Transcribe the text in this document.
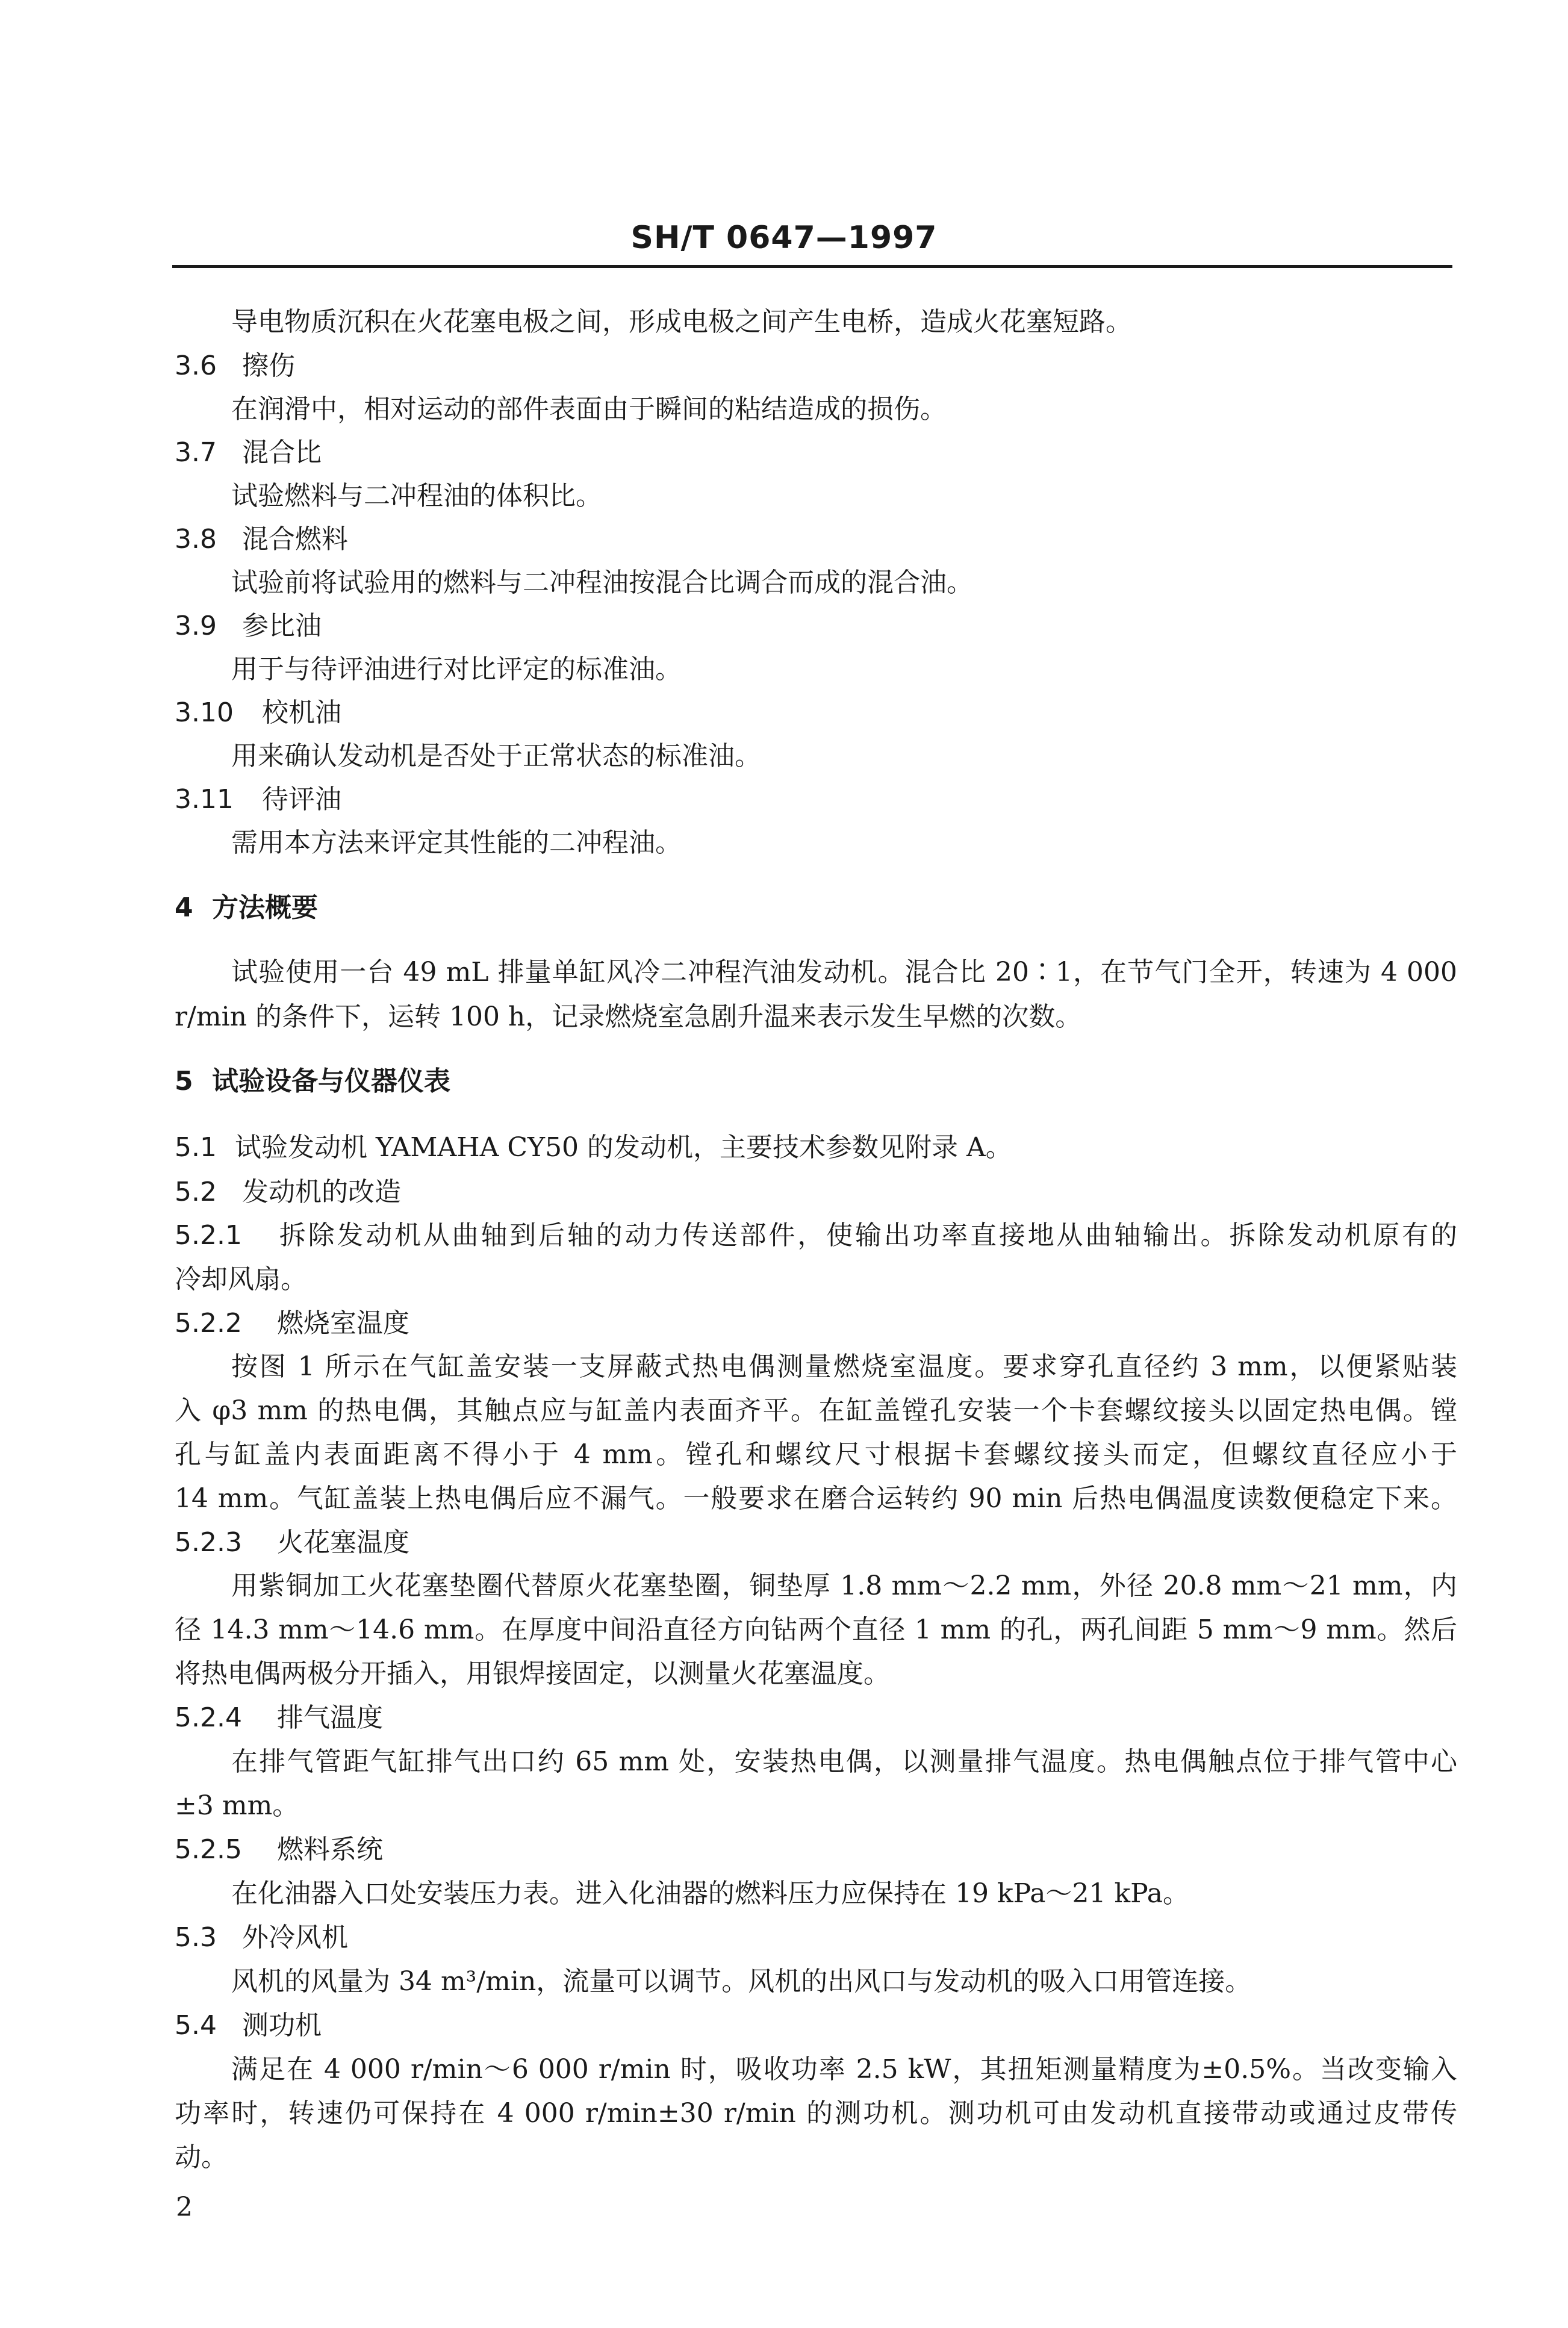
SH/T 0647—1997
导电物质沉积在火花塞电极之间，形成电极之间产生电桥，造成火花塞短路。
3.6 擦伤
在润滑中，相对运动的部件表面由于瞬间的粘结造成的损伤。
3.7 混合比
试验燃料与二冲程油的体积比。
3.8 混合燃料
试验前将试验用的燃料与二冲程油按混合比调合而成的混合油。
3.9 参比油
用于与待评油进行对比评定的标准油。
3.10 校机油
用来确认发动机是否处于正常状态的标准油。
3.11 待评油
需用本方法来评定其性能的二冲程油。
4 方法概要
试验使用一台 49 mL 排量单缸风冷二冲程汽油发动机。混合比 20∶1，在节气门全开，转速为 4 000
r/min 的条件下，运转 100 h，记录燃烧室急剧升温来表示发生早燃的次数。
5 试验设备与仪器仪表
5.1 试验发动机 YAMAHA CY50 的发动机，主要技术参数见附录 A。
5.2 发动机的改造
5.2.1 拆除发动机从曲轴到后轴的动力传送部件，使输出功率直接地从曲轴输出。拆除发动机原有的
冷却风扇。
5.2.2 燃烧室温度
按图 1 所示在气缸盖安装一支屏蔽式热电偶测量燃烧室温度。要求穿孔直径约 3 mm，以便紧贴装
入 φ3 mm 的热电偶，其触点应与缸盖内表面齐平。在缸盖镗孔安装一个卡套螺纹接头以固定热电偶。镗
孔与缸盖内表面距离不得小于 4 mm。镗孔和螺纹尺寸根据卡套螺纹接头而定，但螺纹直径应小于
14 mm。气缸盖装上热电偶后应不漏气。一般要求在磨合运转约 90 min 后热电偶温度读数便稳定下来。
5.2.3 火花塞温度
用紫铜加工火花塞垫圈代替原火花塞垫圈，铜垫厚 1.8 mm～2.2 mm，外径 20.8 mm～21 mm，内
径 14.3 mm～14.6 mm。在厚度中间沿直径方向钻两个直径 1 mm 的孔，两孔间距 5 mm～9 mm。然后
将热电偶两极分开插入，用银焊接固定，以测量火花塞温度。
5.2.4 排气温度
在排气管距气缸排气出口约 65 mm 处，安装热电偶，以测量排气温度。热电偶触点位于排气管中心
±3 mm。
5.2.5 燃料系统
在化油器入口处安装压力表。进入化油器的燃料压力应保持在 19 kPa～21 kPa。
5.3 外冷风机
风机的风量为 34 m³/min，流量可以调节。风机的出风口与发动机的吸入口用管连接。
5.4 测功机
满足在 4 000 r/min～6 000 r/min 时，吸收功率 2.5 kW，其扭矩测量精度为±0.5%。当改变输入
功率时，转速仍可保持在 4 000 r/min±30 r/min 的测功机。测功机可由发动机直接带动或通过皮带传
动。
2
